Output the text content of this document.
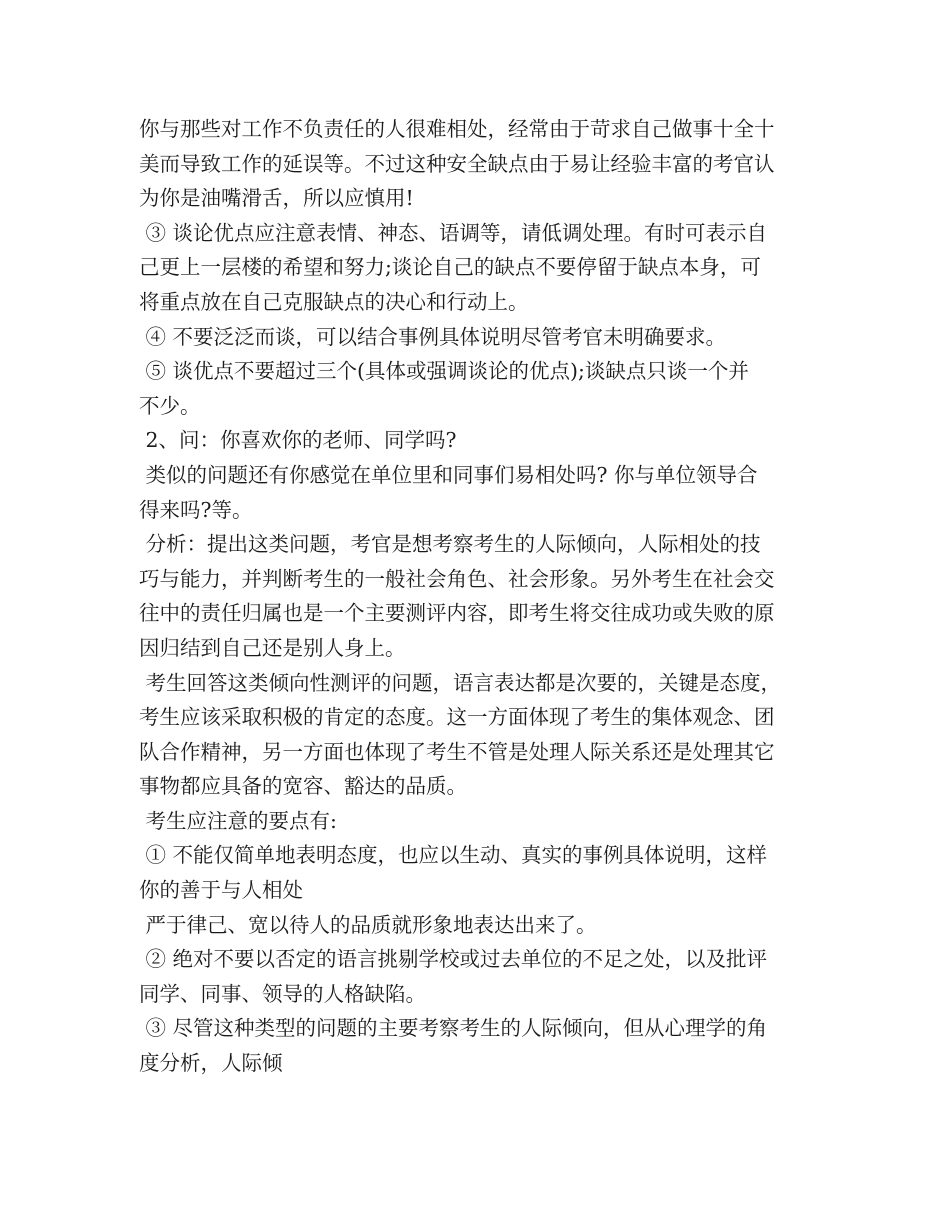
你与那些对工作不负责任的人很难相处，经常由于苛求自己做事十全十
美而导致工作的延误等。不过这种安全缺点由于易让经验丰富的考官认
为你是油嘴滑舌，所以应慎用!
③ 谈论优点应注意表情、神态、语调等，请低调处理。有时可表示自
己更上一层楼的希望和努力;谈论自己的缺点不要停留于缺点本身，可
将重点放在自己克服缺点的决心和行动上。
④ 不要泛泛而谈，可以结合事例具体说明尽管考官未明确要求。
⑤ 谈优点不要超过三个(具体或强调谈论的优点);谈缺点只谈一个并
不少。
2、问：你喜欢你的老师、同学吗?
类似的问题还有你感觉在单位里和同事们易相处吗? 你与单位领导合
得来吗?等。
分析：提出这类问题，考官是想考察考生的人际倾向，人际相处的技
巧与能力，并判断考生的一般社会角色、社会形象。另外考生在社会交
往中的责任归属也是一个主要测评内容，即考生将交往成功或失败的原
因归结到自己还是别人身上。
考生回答这类倾向性测评的问题，语言表达都是次要的，关键是态度，
考生应该采取积极的肯定的态度。这一方面体现了考生的集体观念、团
队合作精神，另一方面也体现了考生不管是处理人际关系还是处理其它
事物都应具备的宽容、豁达的品质。
考生应注意的要点有:
① 不能仅简单地表明态度，也应以生动、真实的事例具体说明，这样
你的善于与人相处
严于律己、宽以待人的品质就形象地表达出来了。
② 绝对不要以否定的语言挑剔学校或过去单位的不足之处，以及批评
同学、同事、领导的人格缺陷。
③ 尽管这种类型的问题的主要考察考生的人际倾向，但从心理学的角
度分析，人际倾
